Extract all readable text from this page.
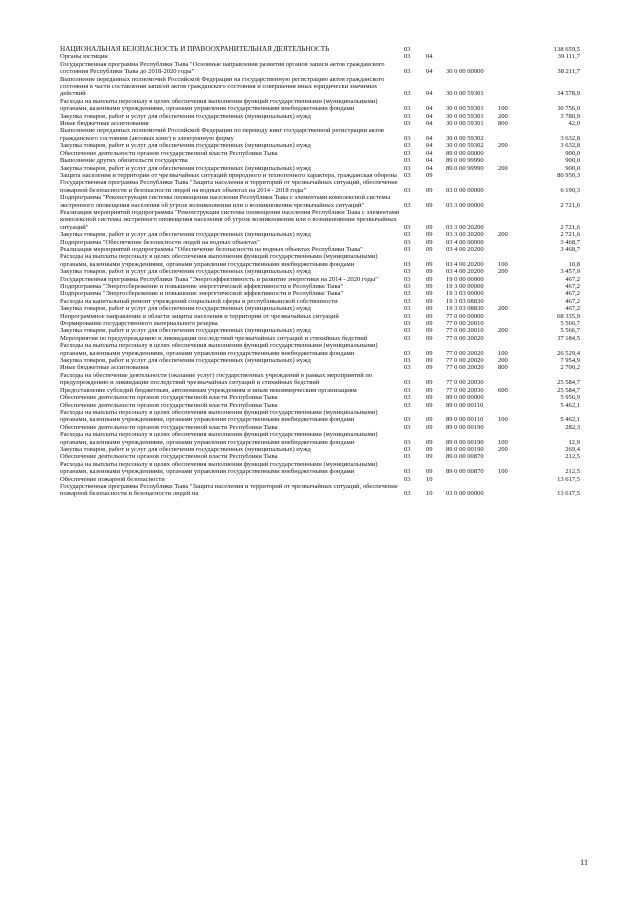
НАЦИОНАЛЬНАЯ БЕЗОПАСНОСТЬ И ПРАВООХРАНИТЕЛЬНАЯ ДЕЯТЕЛЬНОСТЬ	03				138 659,5
Органы юстиции	03	04			39 111,7
Государственная программа Республики Тыва "Основные направления развития органов записи актов гражданского состояния Республики Тыва до 2018-2020 годы"	03	04	30 0 00 00000		38 211,7
Выполнение переданных полномочий Российской Федерации на государственную регистрацию актов гражданского состояния в части составления записей актов гражданского состояния и совершения иных юридически значимых действий	03	04	30 0 00 59301		34 578,9
Расходы на выплаты персоналу в целях обеспечения выполнения функций государственными (муниципальными) органами, казенными учреждениями, органами управления государственными внебюджетными фондами	03	04	30 0 00 59301	100	30 756,0
Закупка товаров, работ и услуг для обеспечения государственных (муниципальных) нужд	03	04	30 0 00 59301	200	3 780,9
Иные бюджетные ассигнования	03	04	30 0 00 59301	800	42,0
Выполнение переданных полномочий Российской Федерации по переводу книг государственной регистрации актов гражданского состояния (актовых книг) в электронную форму	03	04	30 0 00 59302		3 632,8
Закупка товаров, работ и услуг для обеспечения государственных (муниципальных) нужд	03	04	30 0 00 59302	200	3 632,8
Обеспечение деятельности органов государственной власти Республики Тыва	03	04	89 0 00 00000		900,0
Выполнение других обязательств государства	03	04	89 0 00 99990		900,0
Закупка товаров, работ и услуг для обеспечения государственных (муниципальных) нужд	03	04	89 0 00 99990	200	900,0
Защита населения и территории от чрезвычайных ситуаций природного и техногенного характера, гражданская оборона	03	09			80 950,3
Государственная программа Республики Тыва "Защита населения и территорий от чрезвычайных ситуаций, обеспечение пожарной безопасности и безопасности людей на водных объектах на 2014 - 2018 годы"	03	09	03 0 00 00000		6 190,3
Подпрограмма "Реконструкция системы оповещения населения Республики Тыва с элементами комплексной системы экстренного оповещения населения об угрозе возникновения или о возникновении чрезвычайных ситуаций"	03	09	03 3 00 00000		2 721,6
Реализация мероприятий подпрограммы "Реконструкция системы оповещения населения Республики Тыва с элементами комплексной системы экстренного оповещения населения об угрозе возникновения или о возникновении чрезвычайных ситуаций"	03	09	03 3 00 20200		2 721,6
Закупка товаров, работ и услуг для обеспечения государственных (муниципальных) нужд	03	09	03 3 00 20200	200	2 721,6
Подпрограмма "Обеспечение безопасности людей на водных объектах"	03	09	03 4 00 00000		3 468,7
Реализация мероприятий подпрограммы "Обеспечение безопасности на водных объектах Республики Тыва"	03	09	03 4 00 20200		3 468,7
Расходы на выплаты персоналу в целях обеспечения выполнения функций государственными (муниципальными) органами, казенными учреждениями, органами управления государственными внебюджетными фондами	03	09	03 4 00 20200	100	10,8
Закупка товаров, работ и услуг для обеспечения государственных (муниципальных) нужд	03	09	03 4 00 20200	200	3 457,9
Государственная программа Республики Тыва "Энергоэффективность и развитие энергетики на 2014 - 2020 годы"	03	09	19 0 00 00000		467,2
Подпрограмма "Энергосбережение и повышение энергетической эффективности в Республике Тыва"	03	09	19 3 00 00000		467,2
Подпрограмма "Энергосбережение и повышение энергетической эффективности в Республике Тыва"	03	09	19 3 03 00000		467,2
Расходы на капитальный ремонт учреждений социальной сферы и республиканской собственности	03	09	19 3 03 08830		467,2
Закупка товаров, работ и услуг для обеспечения государственных (муниципальных) нужд	03	09	19 3 03 08830	200	467,2
Непрограммное направление в области защиты населения и территории от чрезвычайных ситуаций	03	09	77 0 00 00000		68 335,9
Формирование государственного материального резерва	03	09	77 0 00 20010		5 566,7
Закупка товаров, работ и услуг для обеспечения государственных (муниципальных) нужд	03	09	77 0 00 20010	200	5 566,7
Мероприятия по предупреждению и ликвидации последствий чрезвычайных ситуаций и стихийных бедствий	03	09	77 0 00 20020		37 184,5
Расходы на выплаты персоналу в целях обеспечения выполнения функций государственными (муниципальными) органами, казенными учреждениями, органами управления государственными внебюджетными фондами	03	09	77 0 00 20020	100	26 529,4
Закупка товаров, работ и услуг для обеспечения государственных (муниципальных) нужд	03	09	77 0 00 20020	200	7 954,9
Иные бюджетные ассигнования	03	09	77 0 00 20020	800	2 700,2
Расходы на обеспечение деятельности (оказание услуг) государственных учреждений в рамках мероприятий по предупреждению и ликвидации последствий чрезвычайных ситуаций и стихийных бедствий	03	09	77 0 00 20030		25 584,7
Предоставление субсидий бюджетным, автономным учреждениям и иным некоммерческим организациям	03	09	77 0 00 20030	600	25 584,7
Обеспечение деятельности органов государственной власти Республики Тыва	03	09	89 0 00 00000		5 956,9
Обеспечение деятельности органов государственной власти Республики Тыва	03	09	89 0 00 00110		5 462,1
Расходы на выплаты персоналу в целях обеспечения выполнения функций государственными (муниципальными) органами, казенными учреждениями, органами управления государственными внебюджетными фондами	03	09	89 0 00 00110	100	5 462,1
Обеспечение деятельности органов государственной власти Республики Тыва	03	09	89 0 00 00190		282,3
Расходы на выплаты персоналу в целях обеспечения выполнения функций государственными (муниципальными) органами, казенными учреждениями, органами управления государственными внебюджетными фондами	03	09	89 0 00 00190	100	12,9
Закупка товаров, работ и услуг для обеспечения государственных (муниципальных) нужд	03	09	89 0 00 00190	200	269,4
Обеспечение деятельности органов государственной власти Республики Тыва	03	09	89 0 00 00870		212,5
Расходы на выплаты персоналу в целях обеспечения выполнения функций государственными (муниципальными) органами, казенными учреждениями, органами управления государственными внебюджетными фондами	03	09	89 0 00 00870	100	212,5
Обеспечение пожарной безопасности	03	10			13 617,5
Государственная программа Республики Тыва "Защита населения и территорий от чрезвычайных ситуаций, обеспечение пожарной безопасности и безопасности людей на	03	10	03 0 00 00000		13 617,5
11
